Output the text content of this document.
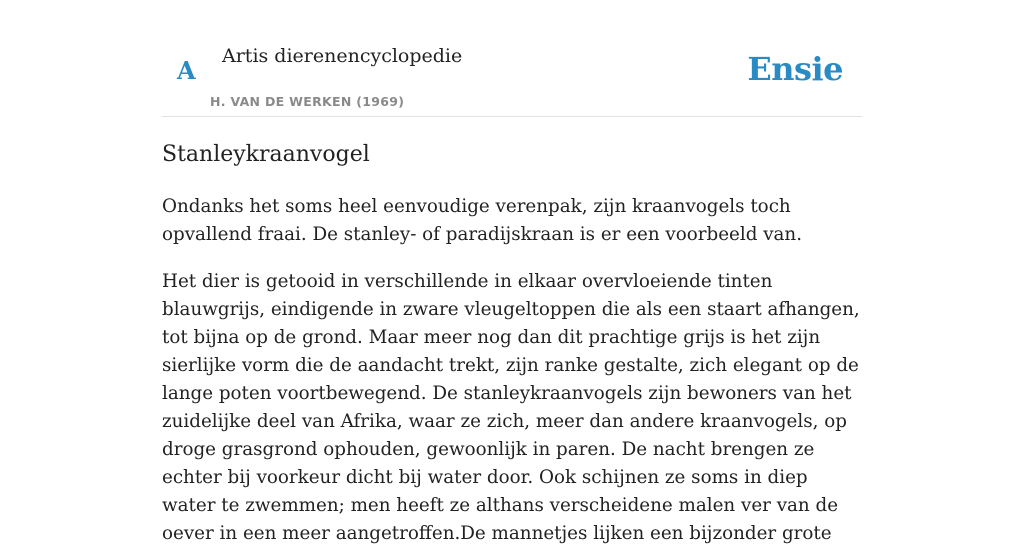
A Artis dierenencyclopedie
H. VAN DE WERKEN (1969)
Ensie
Stanleykraanvogel

Ondanks het soms heel eenvoudige verenpak, zijn kraanvogels toch opvallend fraai. De stanley- of paradijskraan is er een voorbeeld van.

Het dier is getooid in verschillende in elkaar overvloeiende tinten blauwgrijs, eindigende in zware vleugeltoppen die als een staart afhangen, tot bijna op de grond. Maar meer nog dan dit prachtige grijs is het zijn sierlijke vorm die de aandacht trekt, zijn ranke gestalte, zich elegant op de lange poten voortbewegend. De stanleykraanvogels zijn bewoners van het zuidelijke deel van Afrika, waar ze zich, meer dan andere kraanvogels, op droge grasgrond ophouden, gewoonlijk in paren. De nacht brengen ze echter bij voorkeur dicht bij water door. Ook schijnen ze soms in diep water te zwemmen; men heeft ze althans verscheidene malen ver van de oever in een meer aangetroffen.De mannetjes lijken een bijzonder grote
